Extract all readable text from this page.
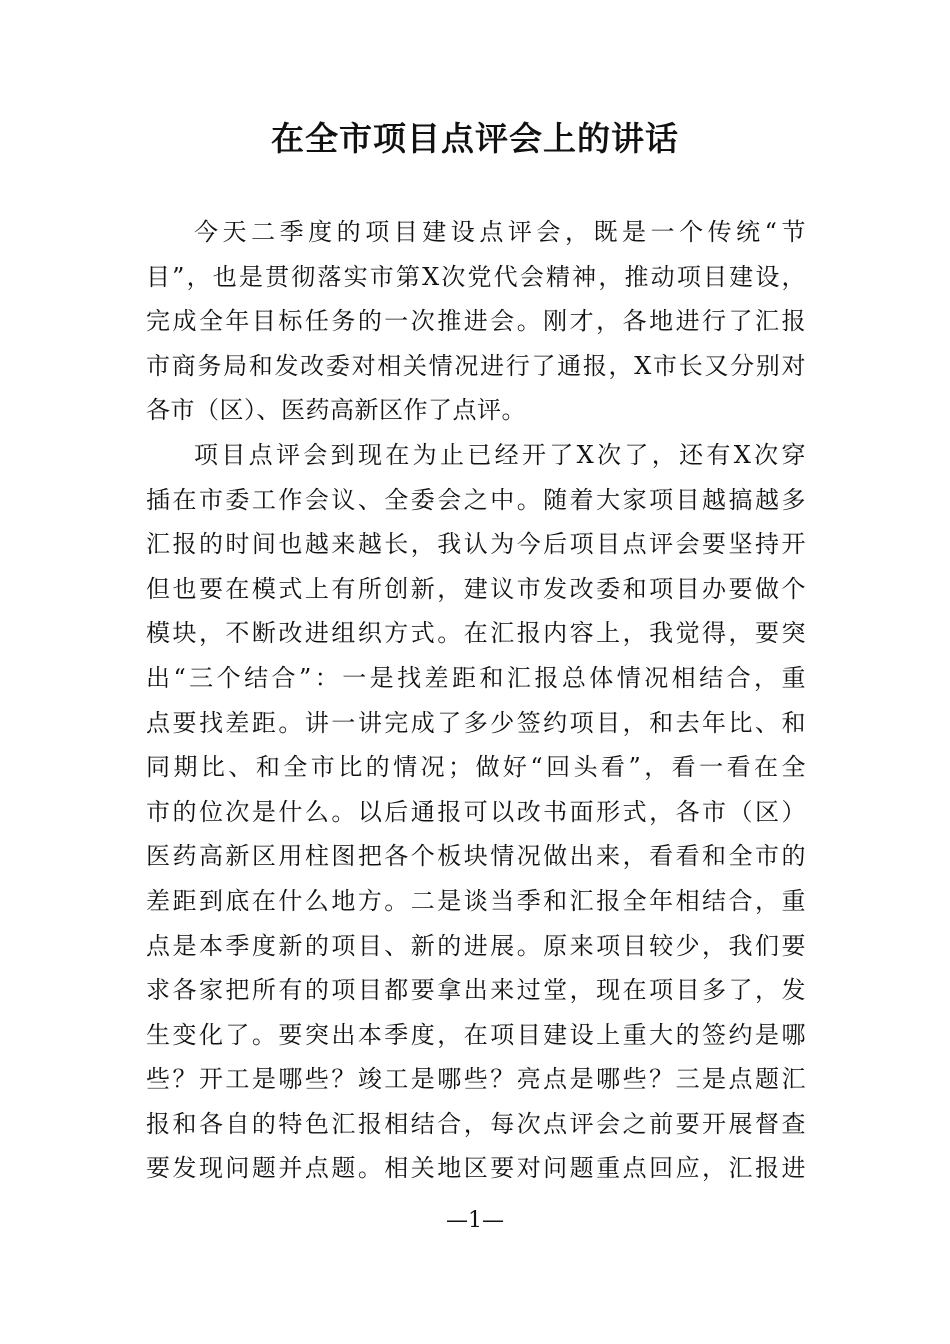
在全市项目点评会上的讲话
今天二季度的项目建设点评会，既是一个传统“节
目”，也是贯彻落实市第X次党代会精神，推动项目建设，
完成全年目标任务的一次推进会。刚才，各地进行了汇报
市商务局和发改委对相关情况进行了通报，X市长又分别对
各市（区）、医药高新区作了点评。
项目点评会到现在为止已经开了X次了，还有X次穿
插在市委工作会议、全委会之中。随着大家项目越搞越多
汇报的时间也越来越长，我认为今后项目点评会要坚持开
但也要在模式上有所创新，建议市发改委和项目办要做个
模块，不断改进组织方式。在汇报内容上，我觉得，要突
出“三个结合”：一是找差距和汇报总体情况相结合，重
点要找差距。讲一讲完成了多少签约项目，和去年比、和
同期比、和全市比的情况；做好“回头看”，看一看在全
市的位次是什么。以后通报可以改书面形式，各市（区）
医药高新区用柱图把各个板块情况做出来，看看和全市的
差距到底在什么地方。二是谈当季和汇报全年相结合，重
点是本季度新的项目、新的进展。原来项目较少，我们要
求各家把所有的项目都要拿出来过堂，现在项目多了，发
生变化了。要突出本季度，在项目建设上重大的签约是哪
些？开工是哪些？竣工是哪些？亮点是哪些？三是点题汇
报和各自的特色汇报相结合，每次点评会之前要开展督查
要发现问题并点题。相关地区要对问题重点回应，汇报进
—1—
